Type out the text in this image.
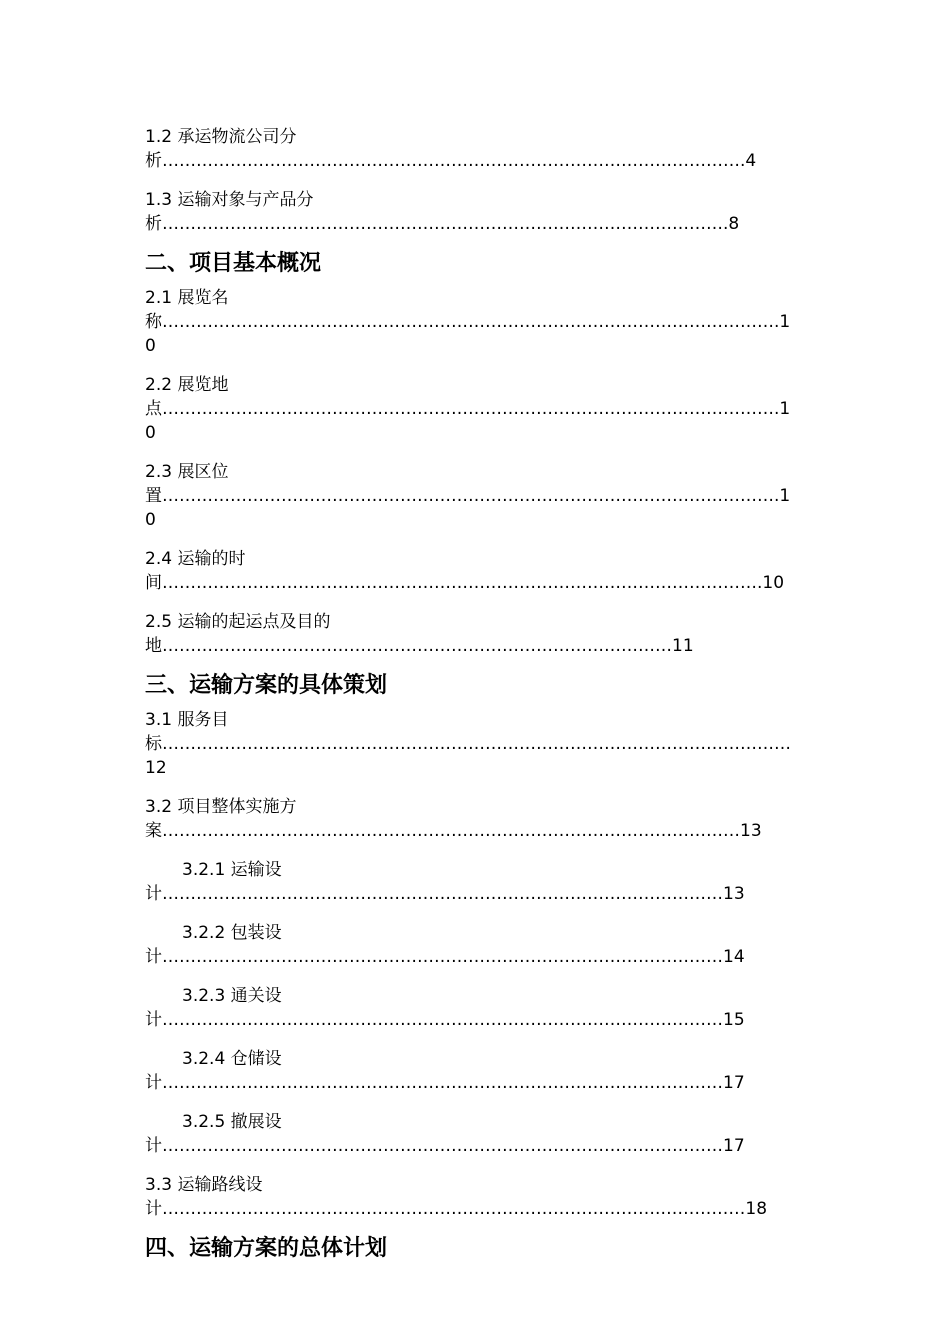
1.2 承运物流公司分析………………………………………………………………………………………….4
1.3 运输对象与产品分析……………………………………………………………………………………….8
二、项目基本概况
2.1 展览名称……………………………………………………………………………………………….10
2.2 展览地点……………………………………………………………………………………………….10
2.3 展区位置……………………………………………………………………………………………….10
2.4 运输的时间…………………………………………………………………………………………….10
2.5 运输的起运点及目的地………………………………………………………………………………11
三、运输方案的具体策划
3.1 服务目标…………………………………………………………………………………………………12
3.2 项目整体实施方案…………………………………………………………………………………………13
3.2.1 运输设计………………………………………………………………………………………13
3.2.2 包装设计………………………………………………………………………………………14
3.2.3 通关设计………………………………………………………………………………………15
3.2.4 仓储设计………………………………………………………………………………………17
3.2.5 撤展设计………………………………………………………………………………………17
3.3 运输路线设计…………………………………………………………………………….……………18
四、运输方案的总体计划
